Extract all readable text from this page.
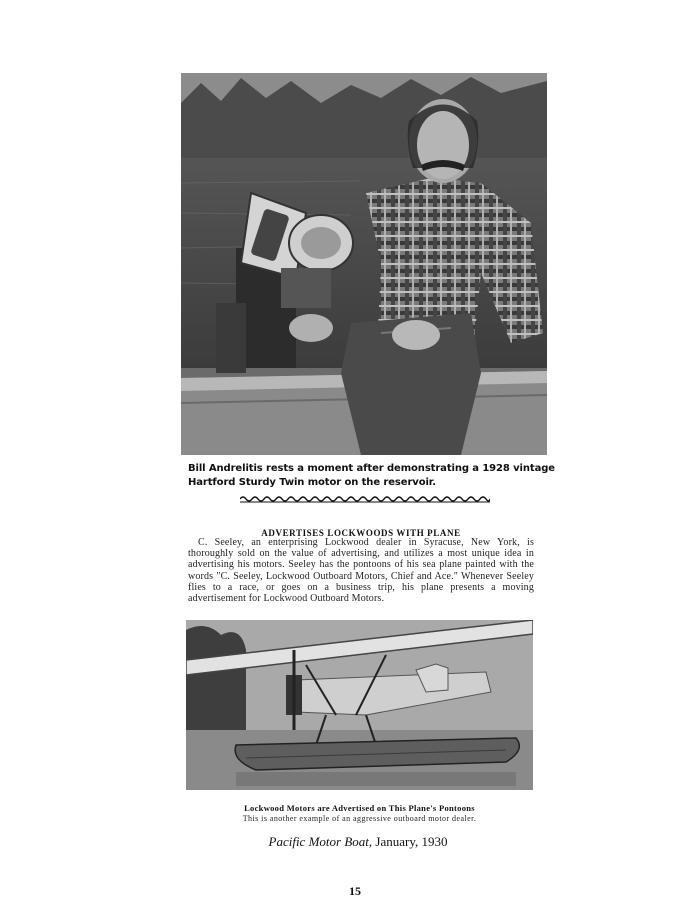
Bill Andrelitis rests a moment after demonstrating a 1928 vintage
Hartford Sturdy Twin motor on the reservoir.
ADVERTISES LOCKWOODS WITH PLANE
C. Seeley, an enterprising Lockwood dealer in Syracuse, New York, is thoroughly sold on the value of advertising, and utilizes a most unique idea in advertising his motors. Seeley has the pontoons of his sea plane painted with the words "C. Seeley, Lockwood Outboard Motors, Chief and Ace." Whenever Seeley flies to a race, or goes on a business trip, his plane presents a moving advertisement for Lockwood Outboard Motors.
Lockwood Motors are Advertised on This Plane's Pontoons
This is another example of an aggressive outboard motor dealer.
Pacific Motor Boat, January, 1930
15
